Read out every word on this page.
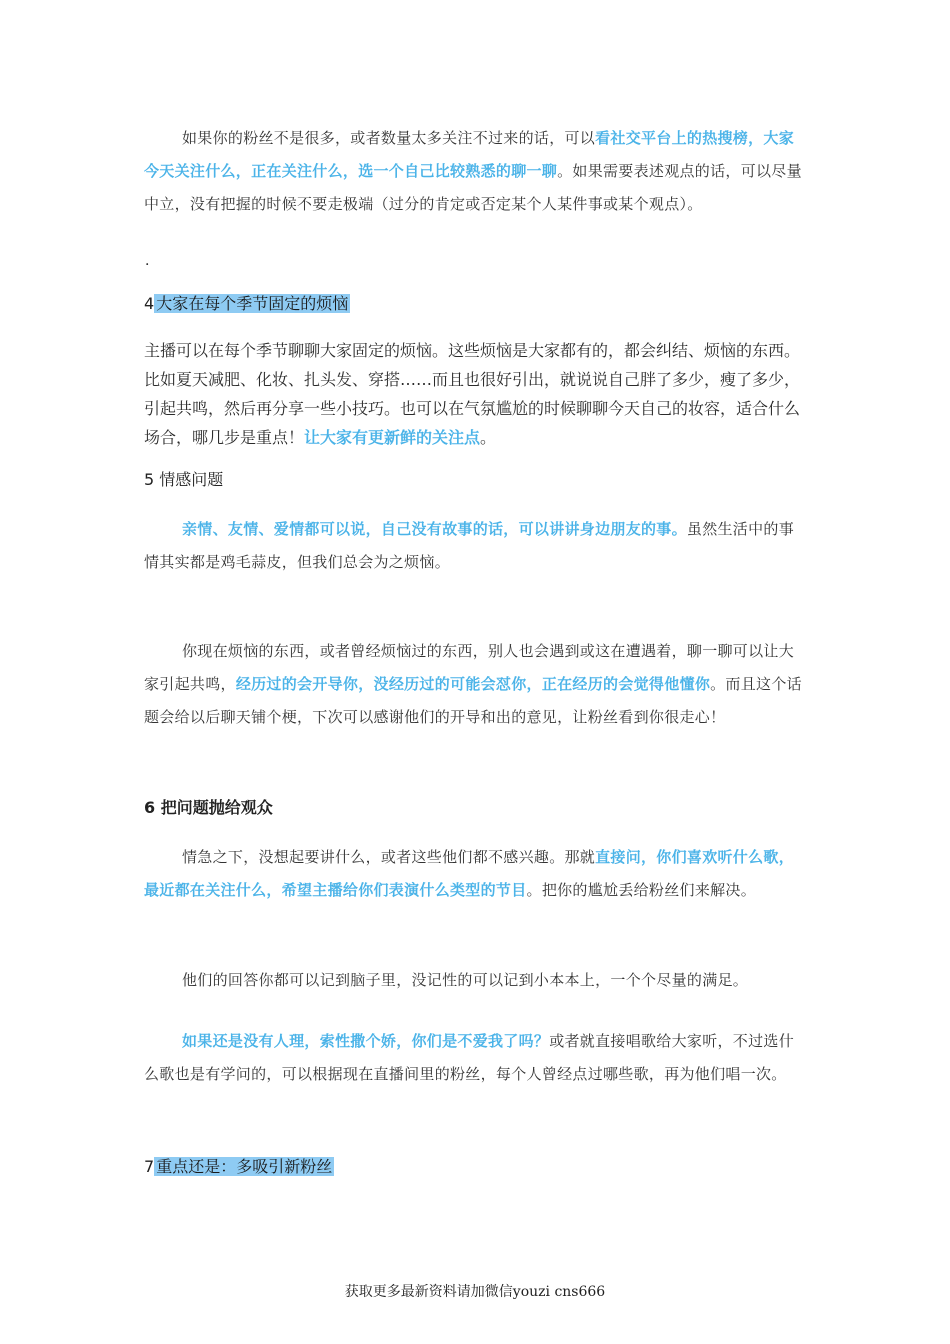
如果你的粉丝不是很多，或者数量太多关注不过来的话，可以看社交平台上的热搜榜，大家今天关注什么，正在关注什么，选一个自己比较熟悉的聊一聊。如果需要表述观点的话，可以尽量中立，没有把握的时候不要走极端（过分的肯定或否定某个人某件事或某个观点）。

·

4 大家在每个季节固定的烦恼

主播可以在每个季节聊聊大家固定的烦恼。这些烦恼是大家都有的，都会纠结、烦恼的东西。比如夏天减肥、化妆、扎头发、穿搭……而且也很好引出，就说说自己胖了多少，瘦了多少，引起共鸣，然后再分享一些小技巧。也可以在气氛尴尬的时候聊聊今天自己的妆容，适合什么场合，哪几步是重点！让大家有更新鲜的关注点。

5 情感问题

亲情、友情、爱情都可以说，自己没有故事的话，可以讲讲身边朋友的事。虽然生活中的事情其实都是鸡毛蒜皮，但我们总会为之烦恼。

你现在烦恼的东西，或者曾经烦恼过的东西，别人也会遇到或这在遭遇着，聊一聊可以让大家引起共鸣，经历过的会开导你，没经历过的可能会怼你，正在经历的会觉得他懂你。而且这个话题会给以后聊天铺个梗，下次可以感谢他们的开导和出的意见，让粉丝看到你很走心！

6 把问题抛给观众

情急之下，没想起要讲什么，或者这些他们都不感兴趣。那就直接问，你们喜欢听什么歌，最近都在关注什么，希望主播给你们表演什么类型的节目。把你的尴尬丢给粉丝们来解决。

他们的回答你都可以记到脑子里，没记性的可以记到小本本上，一个个尽量的满足。

如果还是没有人理，索性撒个娇，你们是不爱我了吗？或者就直接唱歌给大家听，不过选什么歌也是有学问的，可以根据现在直播间里的粉丝，每个人曾经点过哪些歌，再为他们唱一次。

7 重点还是：多吸引新粉丝

获取更多最新资料请加微信youzi cns666
